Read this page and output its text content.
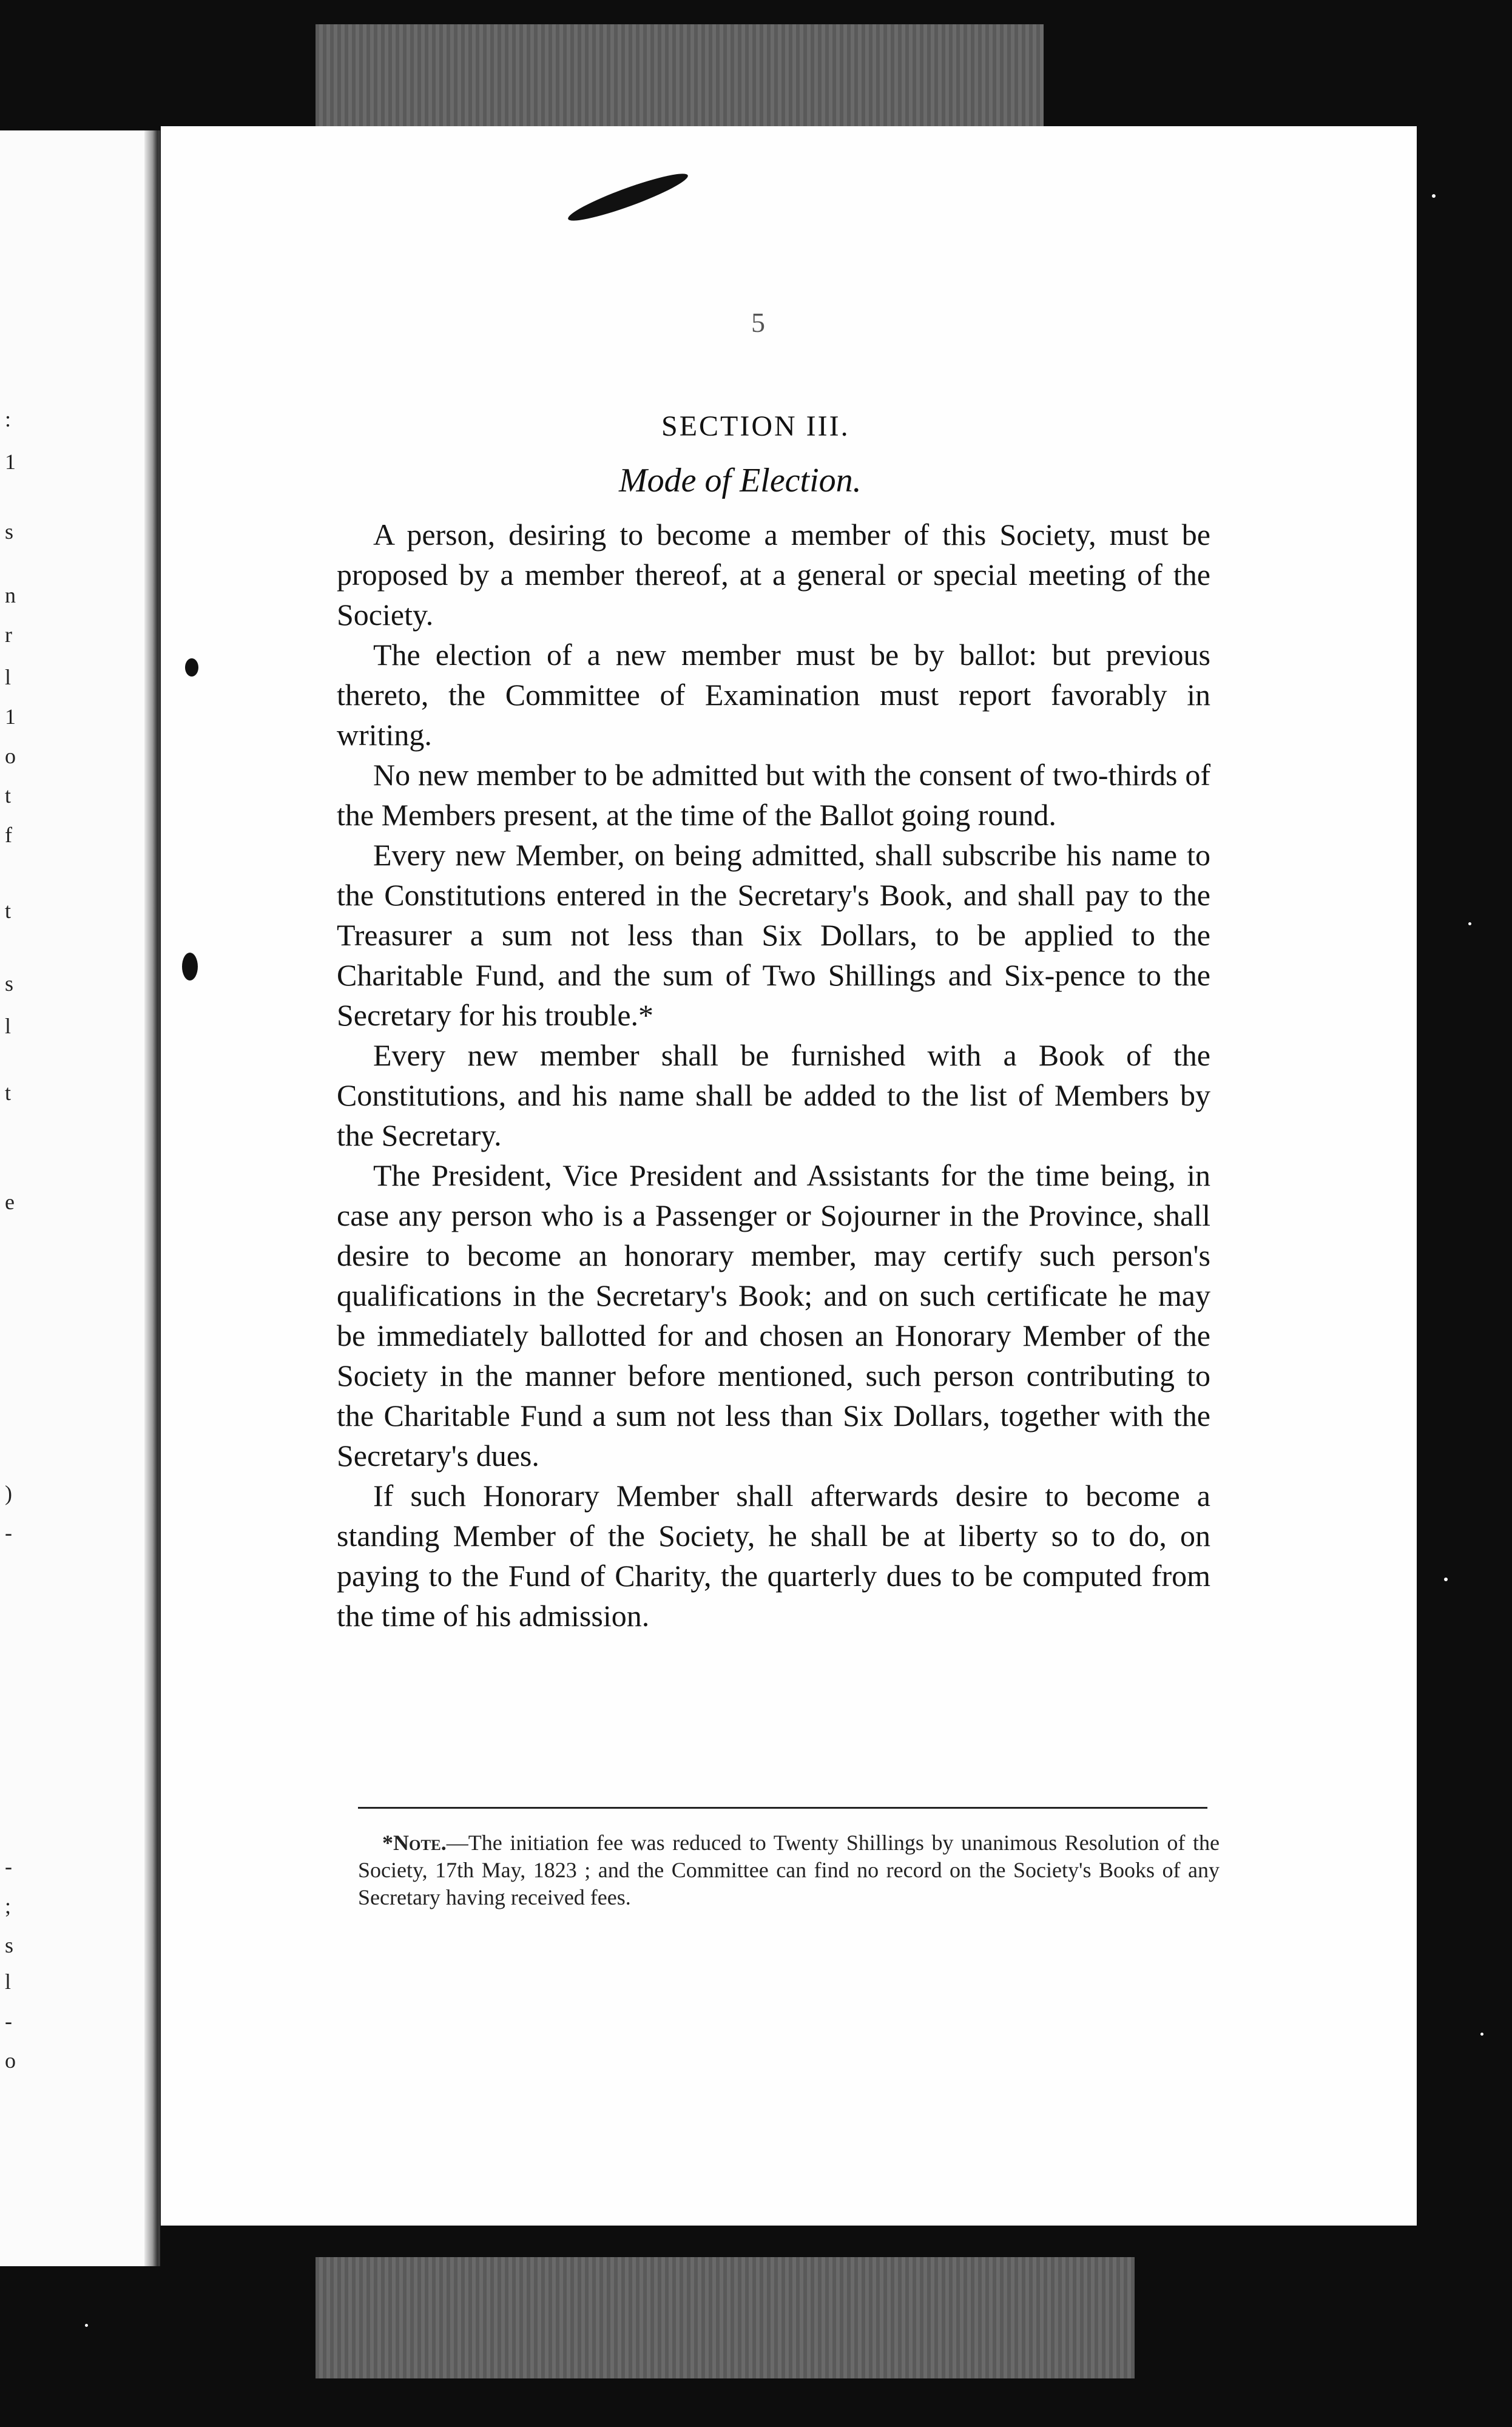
:
1
s
n
r
l
1
o
t
f
t
s
l
t
e
)
-
-
;
s
l
-
o
5
SECTION III.
Mode of Election.

A person, desiring to become a member of this Society, must be proposed by a member thereof, at a general or special meeting of the Society.

The election of a new member must be by ballot: but previous thereto, the Committee of Examination must report favorably in writing.

No new member to be admitted but with the consent of two-thirds of the Members present, at the time of the Ballot going round.

Every new Member, on being admitted, shall subscribe his name to the Constitutions entered in the Secretary's Book, and shall pay to the Treasurer a sum not less than Six Dollars, to be applied to the Charitable Fund, and the sum of Two Shillings and Six-pence to the Secretary for his trouble.*

Every new member shall be furnished with a Book of the Constitutions, and his name shall be added to the list of Members by the Secretary.

The President, Vice President and Assistants for the time being, in case any person who is a Passenger or Sojourner in the Province, shall desire to become an honorary member, may certify such person's qualifications in the Secretary's Book; and on such certificate he may be immediately ballotted for and chosen an Honorary Member of the Society in the manner before mentioned, such person contributing to the Charitable Fund a sum not less than Six Dollars, together with the Secretary's dues.

If such Honorary Member shall afterwards desire to become a standing Member of the Society, he shall be at liberty so to do, on paying to the Fund of Charity, the quarterly dues to be computed from the time of his admission.

*Note.—The initiation fee was reduced to Twenty Shillings by unanimous Resolution of the Society, 17th May, 1823 ; and the Committee can find no record on the Society's Books of any Secretary having received fees.
